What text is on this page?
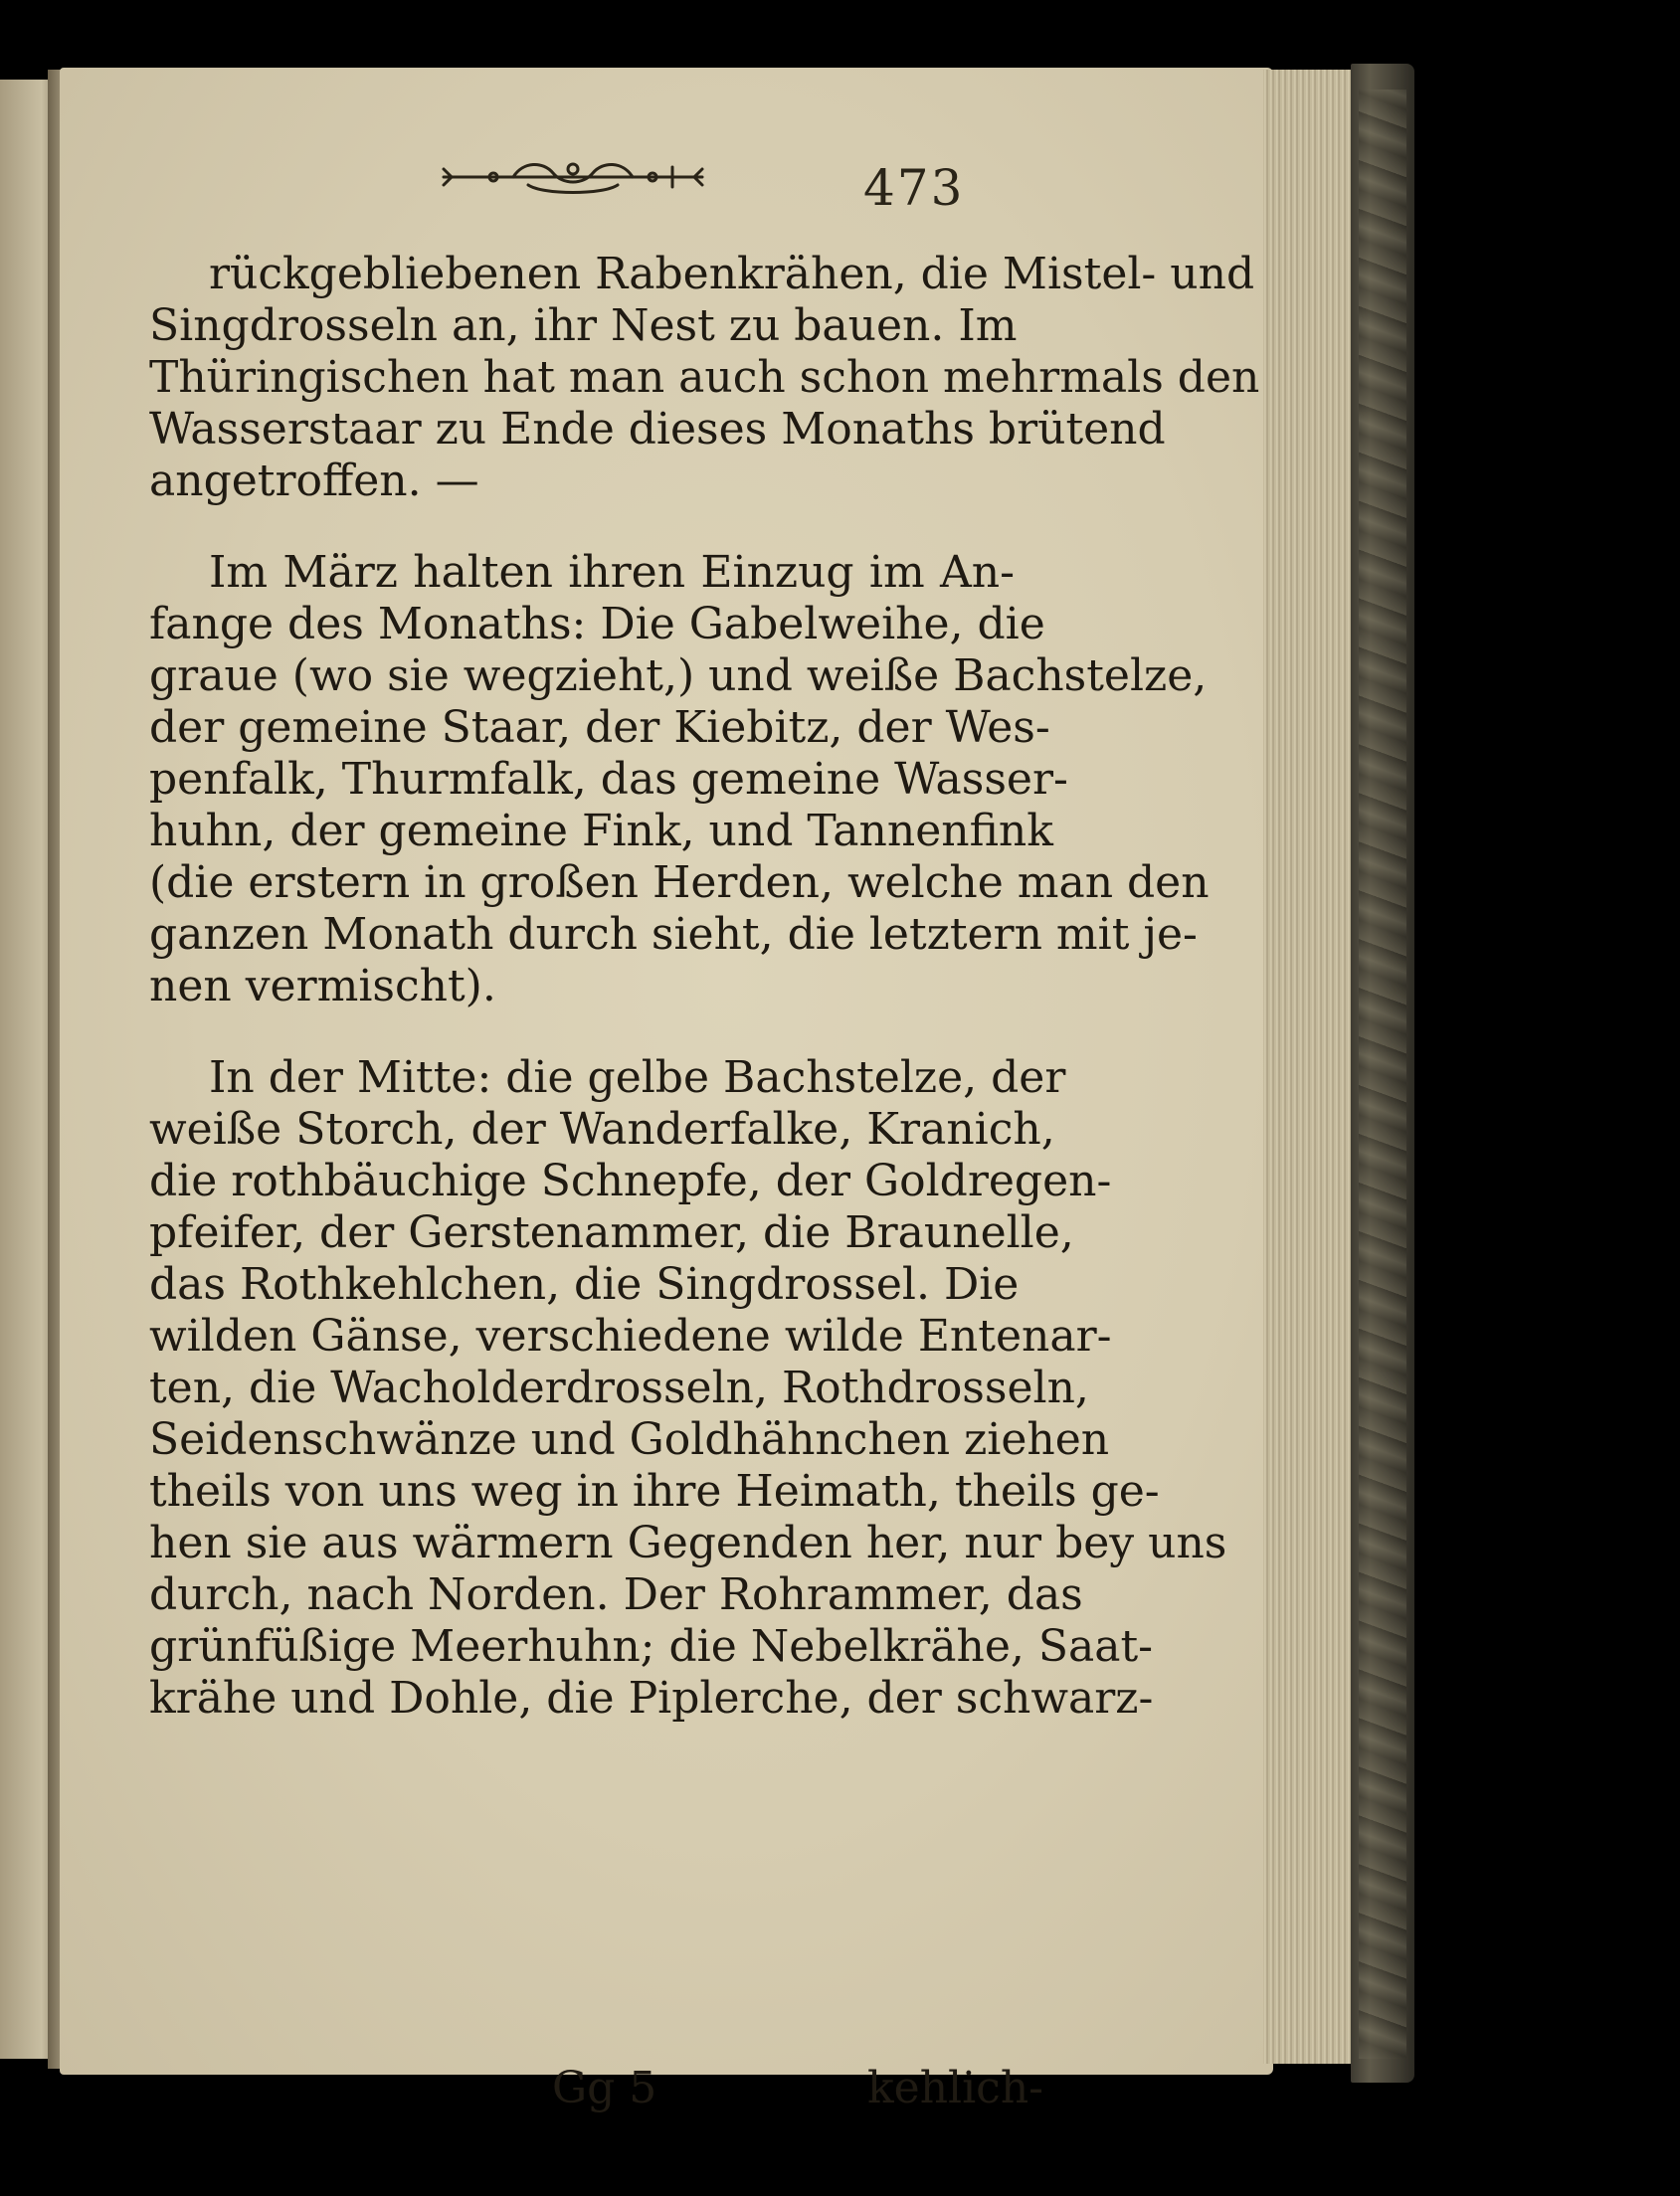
473
rückgebliebenen Rabenkrähen, die Mistel- und
Singdrosseln an, ihr Nest zu bauen. Im
Thüringischen hat man auch schon mehrmals den
Wasserstaar zu Ende dieses Monaths brütend
angetroffen. —
Im März halten ihren Einzug im An-
fange des Monaths: Die Gabelweihe, die
graue (wo sie wegzieht,) und weiße Bachstelze,
der gemeine Staar, der Kiebitz, der Wes-
penfalk, Thurmfalk, das gemeine Wasser-
huhn, der gemeine Fink, und Tannenfink
(die erstern in großen Herden, welche man den
ganzen Monath durch sieht, die letztern mit je-
nen vermischt).
In der Mitte: die gelbe Bachstelze, der
weiße Storch, der Wanderfalke, Kranich,
die rothbäuchige Schnepfe, der Goldregen-
pfeifer, der Gerstenammer, die Braunelle,
das Rothkehlchen, die Singdrossel. Die
wilden Gänse, verschiedene wilde Entenar-
ten, die Wacholderdrosseln, Rothdrosseln,
Seidenschwänze und Goldhähnchen ziehen
theils von uns weg in ihre Heimath, theils ge-
hen sie aus wärmern Gegenden her, nur bey uns
durch, nach Norden. Der Rohrammer, das
grünfüßige Meerhuhn; die Nebelkrähe, Saat-
krähe und Dohle, die Piplerche, der schwarz-
Gg 5	kehlich-
